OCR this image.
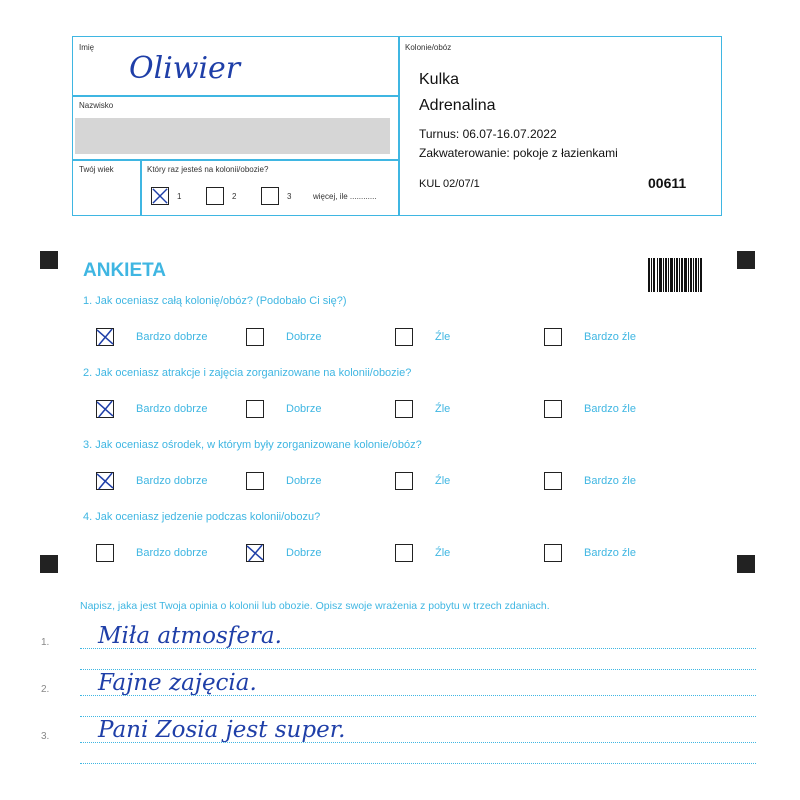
Imię
Oliwier
Nazwisko
Twój wiek	Który raz jesteś na kolonii/obozie?
1	2	3	więcej, ile ............
Kolonie/obóz
Kulka
Adrenalina
Turnus: 06.07-16.07.2022
Zakwaterowanie: pokoje z łazienkami
KUL 02/07/1	00611
ANKIETA
1. Jak oceniasz całą kolonię/obóz? (Podobało Ci się?)
Bardzo dobrze	Dobrze	Źle	Bardzo źle
2. Jak oceniasz atrakcje i zajęcia zorganizowane na kolonii/obozie?
Bardzo dobrze	Dobrze	Źle	Bardzo źle
3. Jak oceniasz ośrodek, w którym były zorganizowane kolonie/obóz?
Bardzo dobrze	Dobrze	Źle	Bardzo źle
4. Jak oceniasz jedzenie podczas kolonii/obozu?
Bardzo dobrze	Dobrze	Źle	Bardzo źle
Napisz, jaka jest Twoja opinia o kolonii lub obozie. Opisz swoje wrażenia z pobytu w trzech zdaniach.
1.
2.
3.
Miła atmosfera.
Fajne zajęcia.
Pani Zosia jest super.
